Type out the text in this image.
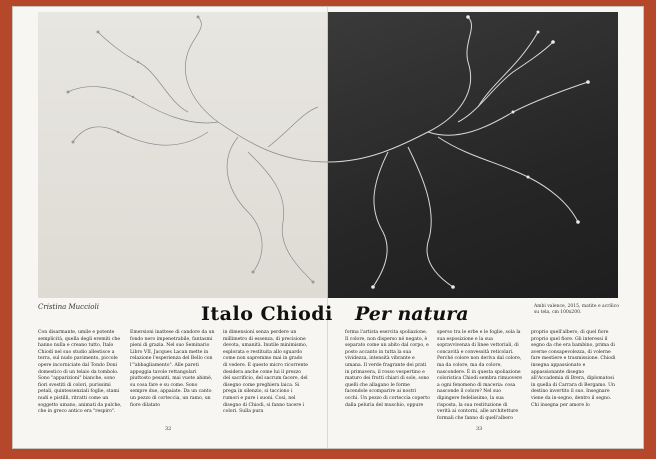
Cristina Muccioli	Italo Chiodi Per natura	Ambi valence, 2015, matite e acrilico su tela, cm 100x200.
Con disarmante, umile e potente semplicità, quella degli eremiti che hanno nulla e creano tutto, Italo Chiodi nel suo studio allestisce a terra, sul nudo pavimento, piccole opere incorniciate dal Tondo Doni domestico di un telaio da tombolo. Sono "apparizioni" bianche, sono fiori svestiti di colori, purissimi petali, quintessenziali foglie, stami nudi e pistilli, ritratti come un soggetto umano, animati da pulche, che in greco antico era "respiro".
Emersioni inattese di candore da un fondo nero impenetrabile, fantasmi pieni di grazia. Nel suo Seminario Libro VII, Jacques Lacan mette in relazione l'esperienza del Bello con l'"abbagliamento". Alle pareti appoggia tavole rettangolari piuttosto pesanti, mai vuote ahimè, su cosa fare e su come. Sono sempre due, appaiate. Da un canto un pezzo di corteccia, un ramo, un fiore dilatato
in dimensioni senza perdere un millimetro di essenza, di precisione devota, umanità. Inutile minimismo, esplorata e restituita allo sguardo come non sapremmo mai in grado di vedere. E questo micro ricorrente desidera anche come lui il prezzo del sacrificio, del sacrum facere, del disegno come preghiera laica. Si prega in silenzio, si tacciono i rumori e pure i suoni. Così, nel disegno di Chiodi, si fanno tacere i colori. Sulla pura
forma l'artista esercita spoliazione. Il colore, non disperso né negato, è separato come un abito dal corpo, e posto accanto in tutta la sua vividezza, intensità vibrante e umana. Il verde fragrante dei prati in primavera, il rosso vespertino e maturo dei frutti chiari di sole, sono quelli che allagano le forme facendole scomparire ai nostri occhi. Un pezzo di corteccia coperto dalla peluria del muschio, oppure
sperso tra le erbe e le foglie, sola la sua esposizione e la sua sopravvivenza di linee vettoriali, di concavità e convessità reticolari. Perché colore non deriva dal colore, ma da colore, ma da colore, nascondere. È in questa spoliazione coloristica Chiodi sembra rimuovere a ogni fenomeno di maceria: cosa nasconde il colore? Nel suo dipingere fedelissimo, la sua risposta, la sua restituzione di verità ai contorni, alle architetture formali che fanno di quell'albero
proprio quell'albero, di quel fiore proprio quel fiore. Gli interessi il segno da che era bambino, prima di averne consapevolezza, di volerne fare mestiere e trasmissione. Chiodi insegna appassionato e appassionante disegno all'Accademia di Brera, diplomatosi in quella di Carrara di Bergamo. Un destino invertito il suo. Insegnare viene da in-segno, dentro il segno. Chi insegna per amore lo
32	33
